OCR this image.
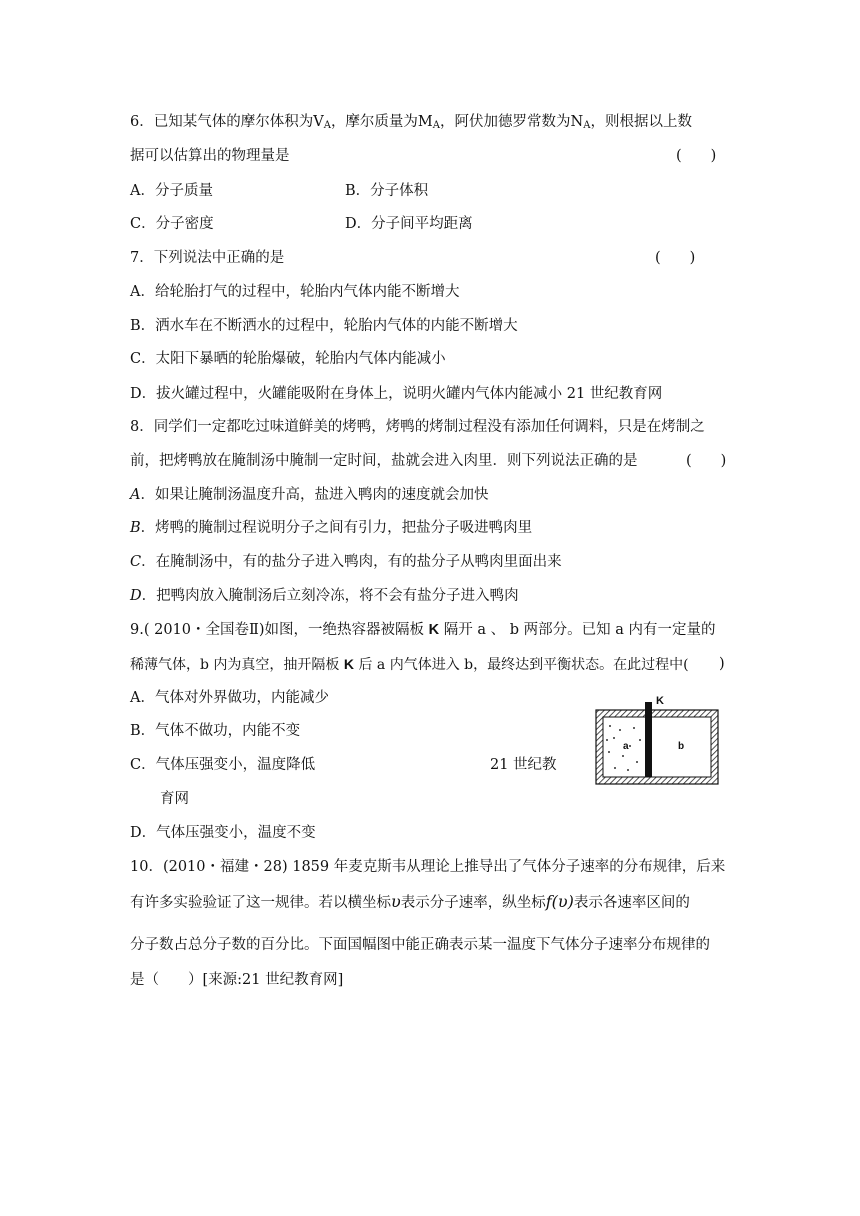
6．已知某气体的摩尔体积为$V_A$，摩尔质量为$M_A$，阿伏加德罗常数为$N_A$，则根据以上数
据可以估算出的物理量是	(　　)
A．分子质量	B．分子体积
C．分子密度	D．分子间平均距离
7．下列说法中正确的是	(　　)
A．给轮胎打气的过程中，轮胎内气体内能不断增大
B．洒水车在不断洒水的过程中，轮胎内气体的内能不断增大
C．太阳下暴晒的轮胎爆破，轮胎内气体内能减小
D．拔火罐过程中，火罐能吸附在身体上，说明火罐内气体内能减小 21 世纪教育网
8．同学们一定都吃过味道鲜美的烤鸭，烤鸭的烤制过程没有添加任何调料，只是在烤制之
前，把烤鸭放在腌制汤中腌制一定时间，盐就会进入肉里．则下列说法正确的是	(　　)
A．如果让腌制汤温度升高，盐进入鸭肉的速度就会加快
B．烤鸭的腌制过程说明分子之间有引力，把盐分子吸进鸭肉里
C．在腌制汤中，有的盐分子进入鸭肉，有的盐分子从鸭肉里面出来
D．把鸭肉放入腌制汤后立刻冷冻，将不会有盐分子进入鸭肉
9.( 2010・全国卷Ⅱ)如图，一绝热容器被隔板 K 隔开 a 、 b 两部分。已知 a 内有一定量的
稀薄气体，b 内为真空，抽开隔板 K 后 a 内气体进入 b，最终达到平衡状态。在此过程中( )
A．气体对外界做功，内能减少
B．气体不做功，内能不变
C．气体压强变小，温度降低	21 世纪教
育网
D．气体压强变小，温度不变
K
a	b
10．(2010・福建・28) 1859 年麦克斯韦从理论上推导出了气体分子速率的分布规律，后来
有许多实验验证了这一规律。若以横坐标υ表示分子速率，纵坐标f(υ)表示各速率区间的
分子数占总分子数的百分比。下面国幅图中能正确表示某一温度下气体分子速率分布规律的
是（　　）[来源:21 世纪教育网]
